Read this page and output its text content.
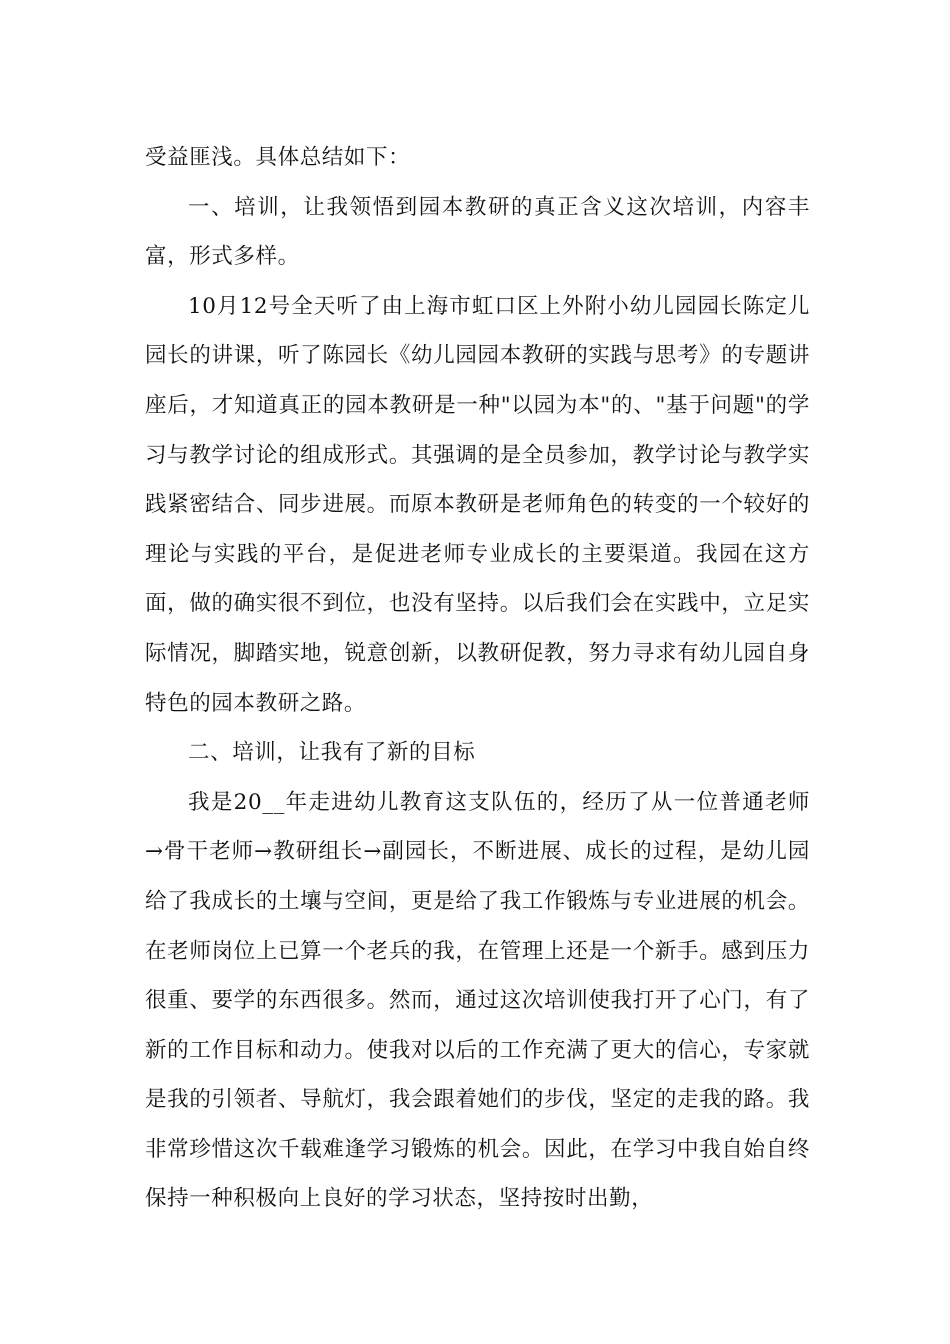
受益匪浅。具体总结如下：

一、培训，让我领悟到园本教研的真正含义这次培训，内容丰富，形式多样。

10月12号全天听了由上海市虹口区上外附小幼儿园园长陈定儿园长的讲课，听了陈园长《幼儿园园本教研的实践与思考》的专题讲座后，才知道真正的园本教研是一种"以园为本"的、"基于问题"的学习与教学讨论的组成形式。其强调的是全员参加，教学讨论与教学实践紧密结合、同步进展。而原本教研是老师角色的转变的一个较好的理论与实践的平台，是促进老师专业成长的主要渠道。我园在这方面，做的确实很不到位，也没有坚持。以后我们会在实践中，立足实际情况，脚踏实地，锐意创新，以教研促教，努力寻求有幼儿园自身特色的园本教研之路。

二、培训，让我有了新的目标

我是20__年走进幼儿教育这支队伍的，经历了从一位普通老师→骨干老师→教研组长→副园长，不断进展、成长的过程，是幼儿园给了我成长的土壤与空间，更是给了我工作锻炼与专业进展的机会。在老师岗位上已算一个老兵的我，在管理上还是一个新手。感到压力很重、要学的东西很多。然而，通过这次培训使我打开了心门，有了新的工作目标和动力。使我对以后的工作充满了更大的信心，专家就是我的引领者、导航灯，我会跟着她们的步伐，坚定的走我的路。我非常珍惜这次千载难逢学习锻炼的机会。因此，在学习中我自始自终保持一种积极向上良好的学习状态，坚持按时出勤，
